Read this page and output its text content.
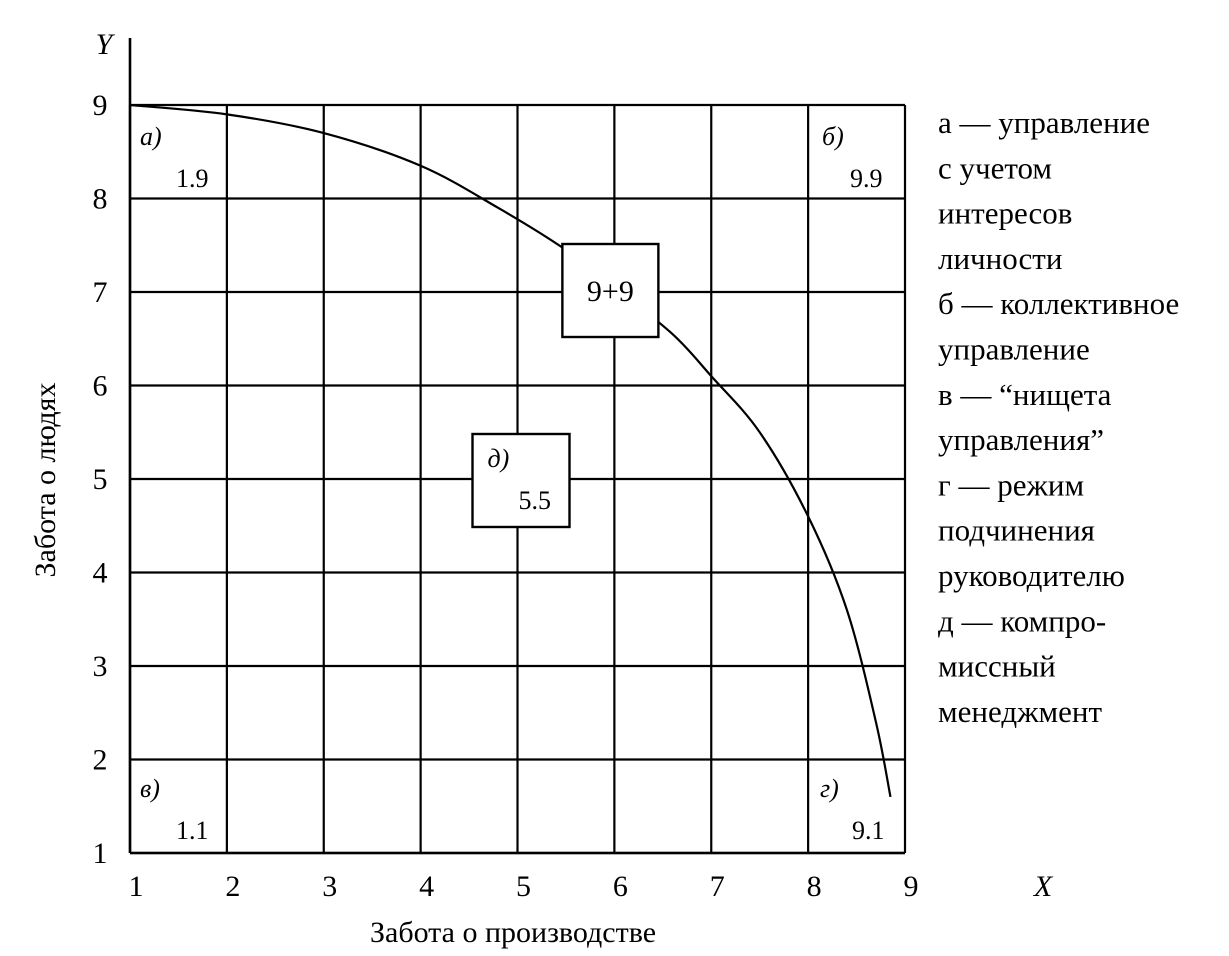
1	2	3	4	5	6	7	8	9
1
2
3
4
5
6
7
8
9
Y
X
Забота о производстве
Забота о людях
а)
1.9
б)
9.9
в)
1.1
г)
9.1
д)
5.5
9+9
а — управление
с учетом
интересов
личности
б — коллективное
управление
в — “нищета
управления”
г — режим
подчинения
руководителю
д — компро-
миссный
менеджмент
